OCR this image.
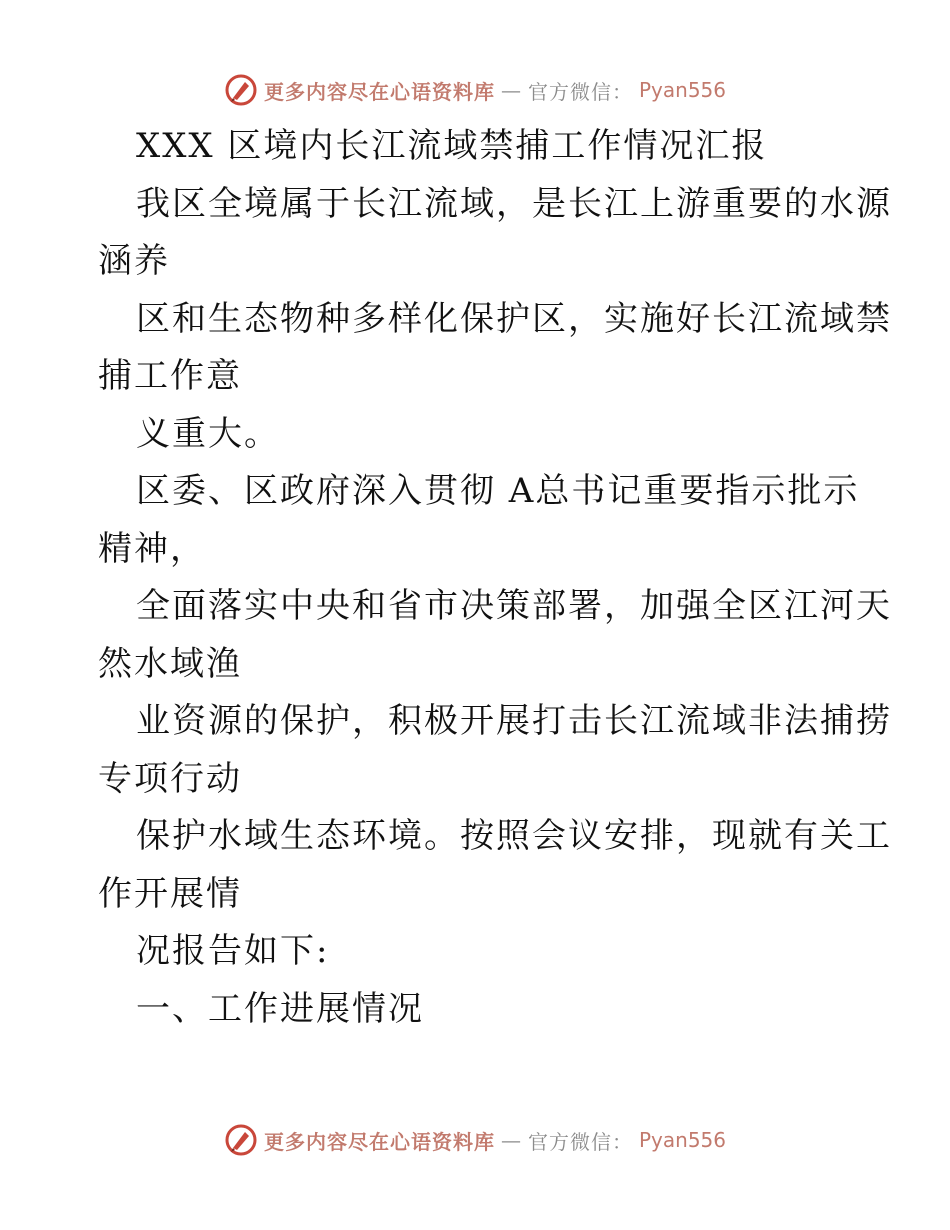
更多内容尽在心语资料库 — 官方微信： Pyan556
XXX 区境内长江流域禁捕工作情况汇报
我区全境属于长江流域，是长江上游重要的水源
涵养
区和生态物种多样化保护区，实施好长江流域禁
捕工作意
义重大。
区委、区政府深入贯彻 A总书记重要指示批示
精神，
全面落实中央和省市决策部署，加强全区江河天
然水域渔
业资源的保护，积极开展打击长江流域非法捕捞
专项行动
保护水域生态环境。按照会议安排，现就有关工
作开展情
况报告如下:
一、工作进展情况
更多内容尽在心语资料库 — 官方微信： Pyan556
